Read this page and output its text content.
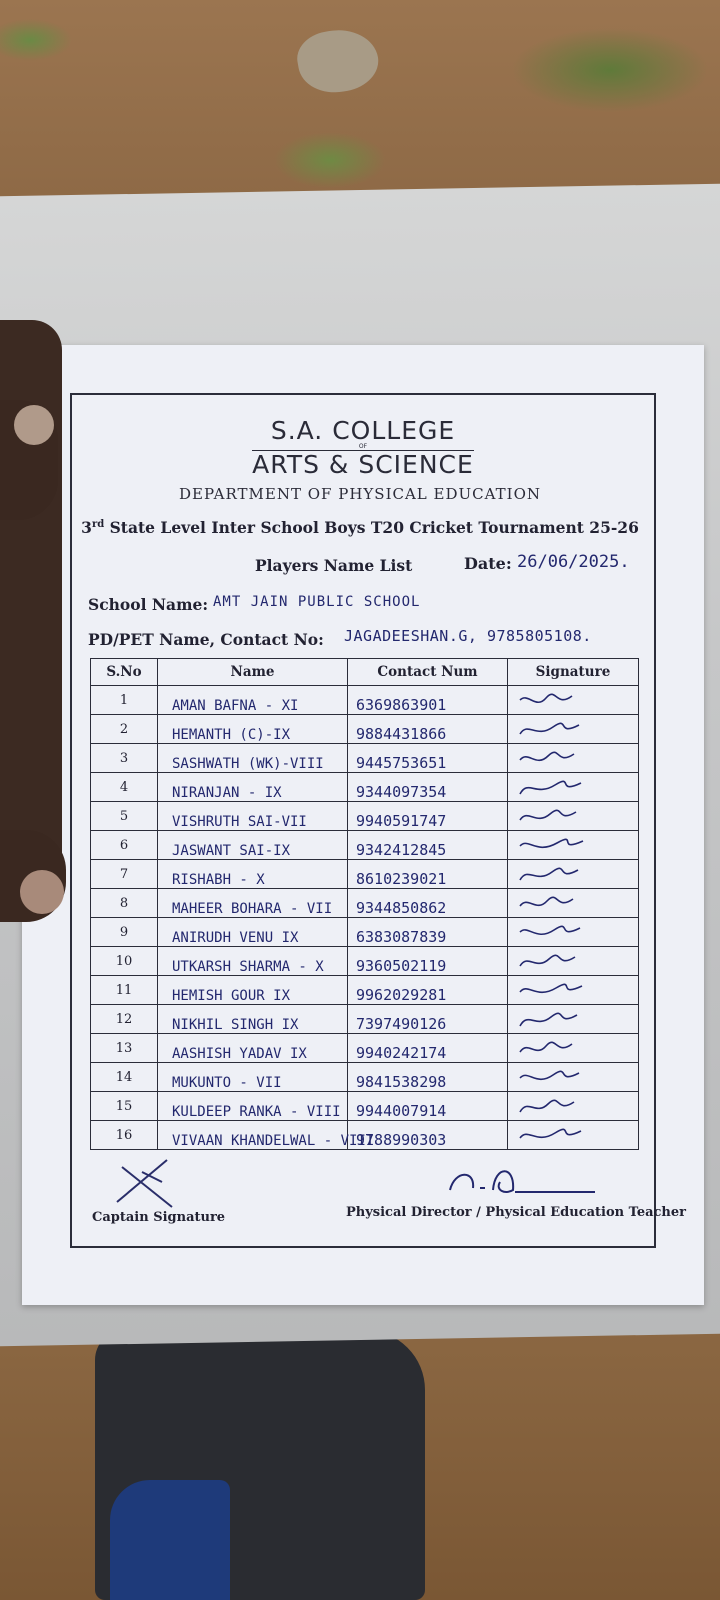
S.A. COLLEGE
OF
ARTS & SCIENCE
DEPARTMENT OF PHYSICAL EDUCATION
3rd State Level Inter School Boys T20 Cricket Tournament 25-26
Players Name List	Date: 26/06/2025.
School Name: AMT JAIN PUBLIC SCHOOL
PD/PET Name, Contact No: JAGADEESHAN.G, 9785805108.
S.No	Name	Contact Num	Signature
1	AMAN BAFNA - XI	6369863901	

2	HEMANTH (C)-IX	9884431866	

3	SASHWATH (WK)-VIII	9445753651	

4	NIRANJAN - IX	9344097354	

5	VISHRUTH SAI-VII	9940591747	

6	JASWANT SAI-IX	9342412845	

7	RISHABH - X	8610239021	

8	MAHEER BOHARA - VII	9344850862	

9	ANIRUDH VENU IX	6383087839	

10	UTKARSH SHARMA - X	9360502119	

11	HEMISH GOUR IX	9962029281	

12	NIKHIL SINGH IX	7397490126	

13	AASHISH YADAV IX	9940242174	

14	MUKUNTO - VII	9841538298	

15	KULDEEP RANKA - VIII	9944007914	

16	VIVAAN KHANDELWAL - VIII	9788990303	
Captain Signature	Physical Director / Physical Education Teacher
